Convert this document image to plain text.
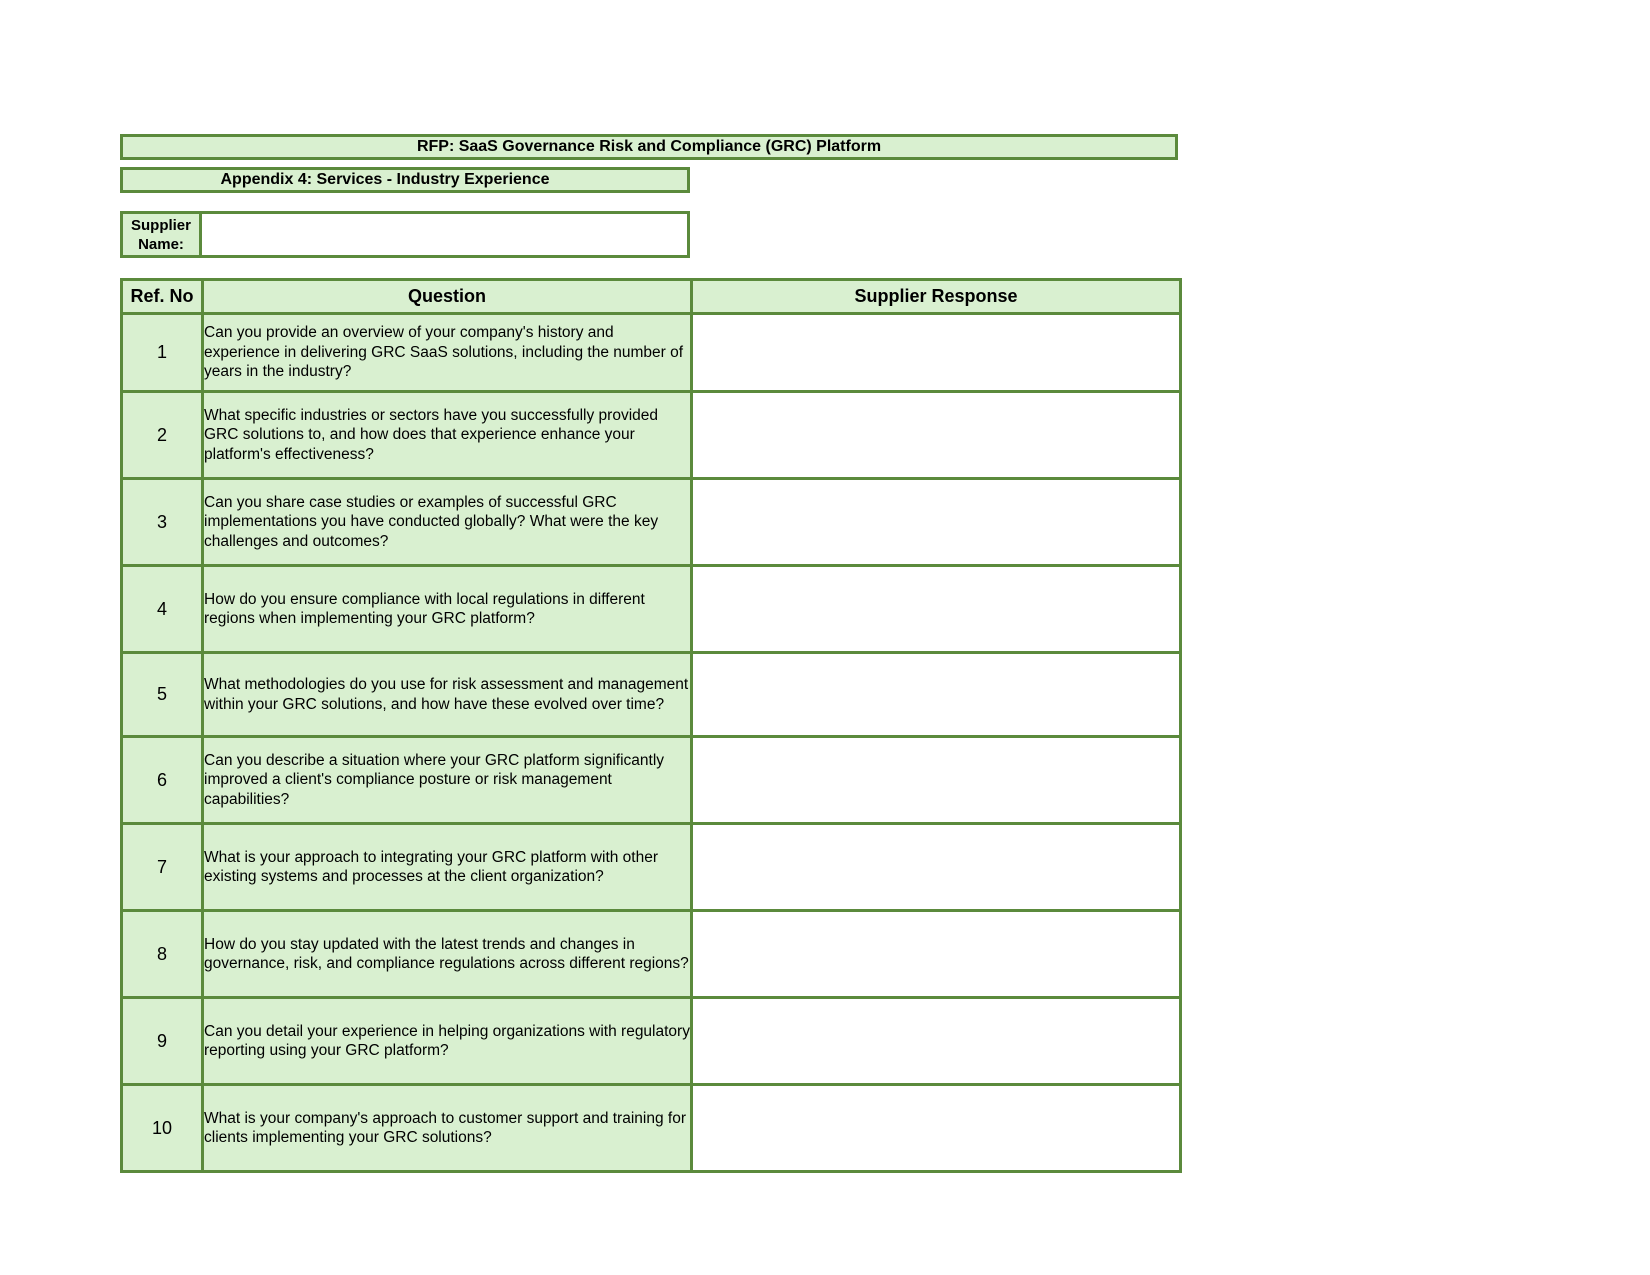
RFP: SaaS Governance Risk and Compliance (GRC) Platform
Appendix 4: Services - Industry Experience
Supplier
Name:
Ref. No	Question	Supplier Response
1	Can you provide an overview of your company's history and experience in delivering GRC SaaS solutions, including the number of years in the industry?	
2	What specific industries or sectors have you successfully provided GRC solutions to, and how does that experience enhance your platform's effectiveness?	
3	Can you share case studies or examples of successful GRC implementations you have conducted globally? What were the key challenges and outcomes?	
4	How do you ensure compliance with local regulations in different regions when implementing your GRC platform?	
5	What methodologies do you use for risk assessment and management within your GRC solutions, and how have these evolved over time?	
6	Can you describe a situation where your GRC platform significantly improved a client's compliance posture or risk management capabilities?	
7	What is your approach to integrating your GRC platform with other existing systems and processes at the client organization?	
8	How do you stay updated with the latest trends and changes in governance, risk, and compliance regulations across different regions?	
9	Can you detail your experience in helping organizations with regulatory reporting using your GRC platform?	
10	What is your company's approach to customer support and training for clients implementing your GRC solutions?	
